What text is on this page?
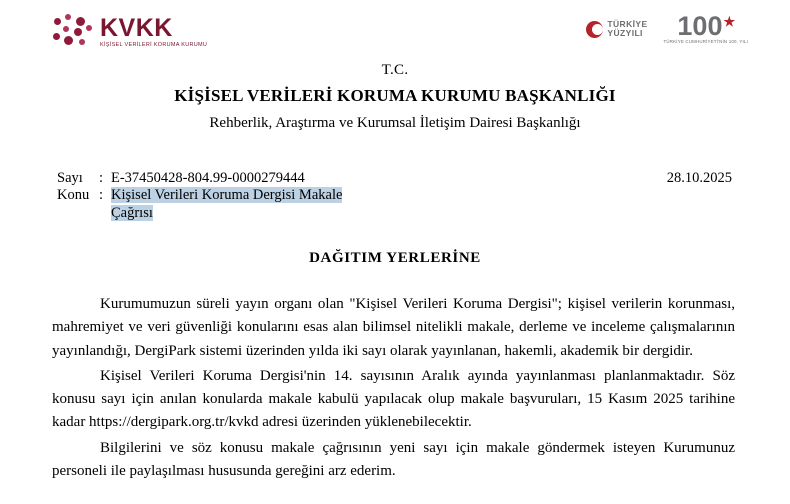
KVKK
KİŞİSEL VERİLERİ KORUMA KURUMU
TÜRKİYE
YÜZYILI	100★
TÜRKİYE CUMHURİYETİ'NİN 100. YILI
T.C.
KİŞİSEL VERİLERİ KORUMA KURUMU BAŞKANLIĞI
Rehberlik, Araştırma ve Kurumsal İletişim Dairesi Başkanlığı
28.10.2025
Sayı	: E-37450428-804.99-0000279444
Konu : Kişisel Verileri Koruma Dergisi Makale
Çağrısı
DAĞITIM YERLERİNE

Kurumumuzun süreli yayın organı olan "Kişisel Verileri Koruma Dergisi"; kişisel verilerin korunması, mahremiyet ve veri güvenliği konularını esas alan bilimsel nitelikli makale, derleme ve inceleme çalışmalarının yayınlandığı, DergiPark sistemi üzerinden yılda iki sayı olarak yayınlanan, hakemli, akademik bir dergidir.

Kişisel Verileri Koruma Dergisi'nin 14. sayısının Aralık ayında yayınlanması planlanmaktadır. Söz konusu sayı için anılan konularda makale kabulü yapılacak olup makale başvuruları, 15 Kasım 2025 tarihine kadar https://dergipark.org.tr/kvkd adresi üzerinden yüklenebilecektir.

Bilgilerini ve söz konusu makale çağrısının yeni sayı için makale göndermek isteyen Kurumunuz personeli ile paylaşılması hususunda gereğini arz ederim.
